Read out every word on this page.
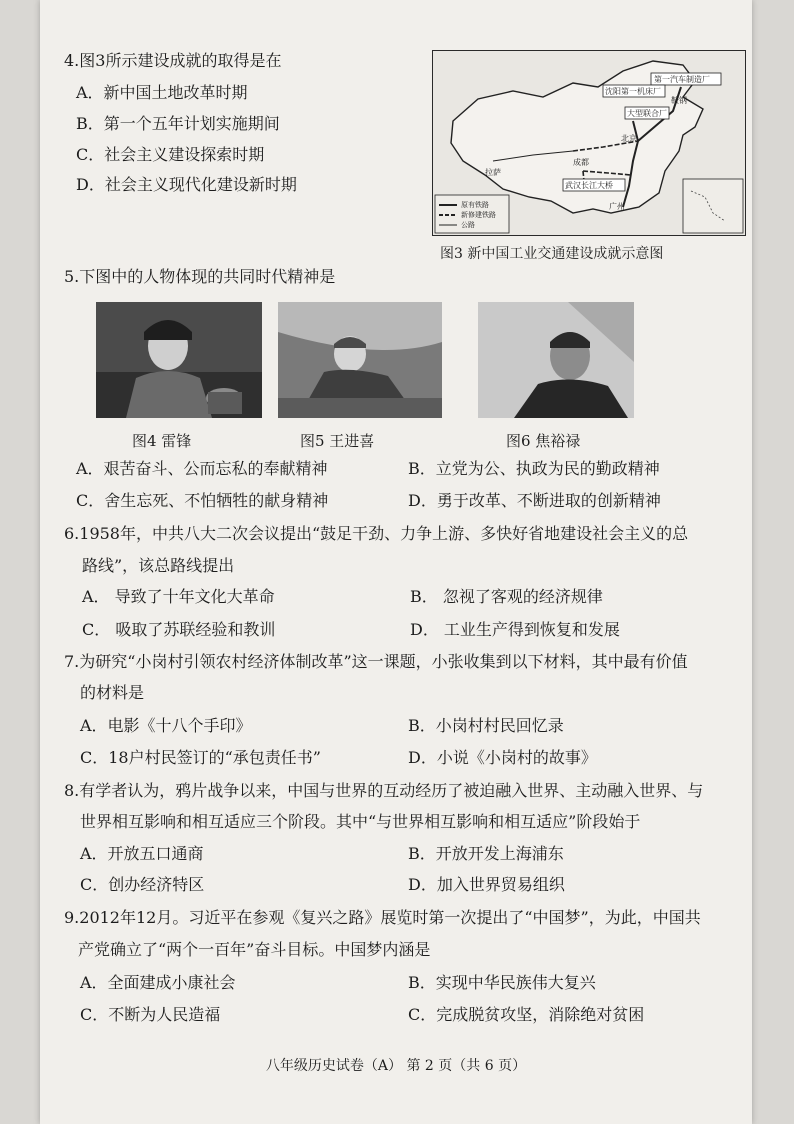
4.图3所示建设成就的取得是在
A．新中国土地改革时期
B．第一个五年计划实施期间
C．社会主义建设探索时期
D．社会主义现代化建设新时期
第一汽车制造厂
沈阳第一机床厂
鞍钢
大型联合厂
北京
成都
武汉长江大桥
拉萨
广州
原有铁路
新修建铁路
公路
图3 新中国工业交通建设成就示意图
5.下图中的人物体现的共同时代精神是
图4 雷锋	图5 王进喜	图6 焦裕禄
A．艰苦奋斗、公而忘私的奉献精神	B．立党为公、执政为民的勤政精神
C．舍生忘死、不怕牺牲的献身精神	D．勇于改革、不断进取的创新精神
6.1958年，中共八大二次会议提出“鼓足干劲、力争上游、多快好省地建设社会主义的总
路线”，该总路线提出
A． 导致了十年文化大革命	B． 忽视了客观的经济规律
C． 吸取了苏联经验和教训	D． 工业生产得到恢复和发展
7.为研究“小岗村引领农村经济体制改革”这一课题，小张收集到以下材料，其中最有价值
的材料是
A．电影《十八个手印》	B．小岗村村民回忆录
C．18户村民签订的“承包责任书”	D．小说《小岗村的故事》
8.有学者认为，鸦片战争以来，中国与世界的互动经历了被迫融入世界、主动融入世界、与
世界相互影响和相互适应三个阶段。其中“与世界相互影响和相互适应”阶段始于
A．开放五口通商	B．开放开发上海浦东
C．创办经济特区	D．加入世界贸易组织
9.2012年12月。习近平在参观《复兴之路》展览时第一次提出了“中国梦”，为此，中国共
产党确立了“两个一百年”奋斗目标。中国梦内涵是
A．全面建成小康社会	B．实现中华民族伟大复兴
C．不断为人民造福	C．完成脱贫攻坚，消除绝对贫困
八年级历史试卷（A） 第 2 页（共 6 页）
